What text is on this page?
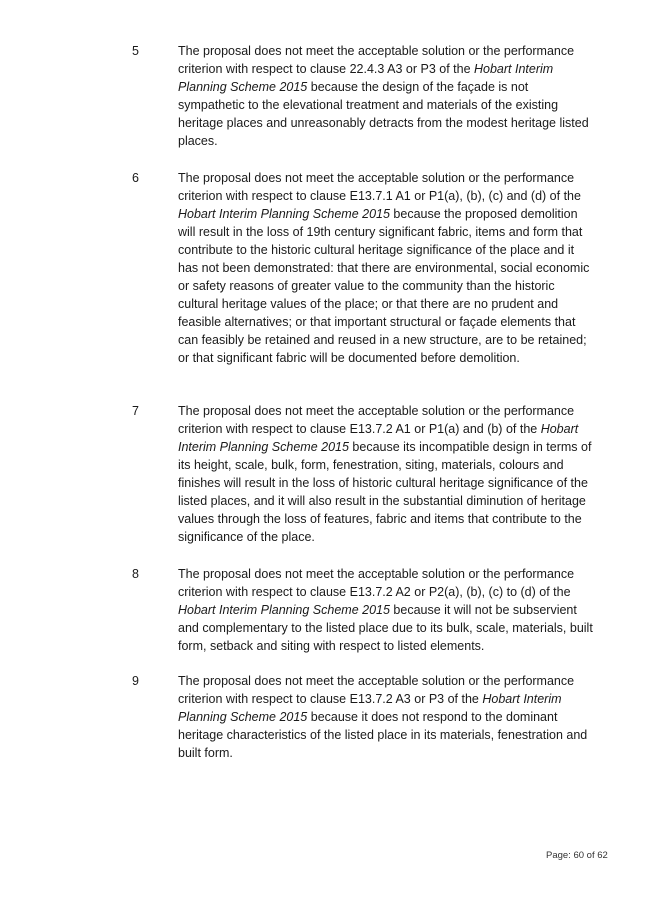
5	The proposal does not meet the acceptable solution or the performance criterion with respect to clause 22.4.3 A3 or P3 of the Hobart Interim Planning Scheme 2015 because the design of the façade is not sympathetic to the elevational treatment and materials of the existing heritage places and unreasonably detracts from the modest heritage listed places.
6	The proposal does not meet the acceptable solution or the performance criterion with respect to clause E13.7.1 A1 or P1(a), (b), (c) and (d) of the Hobart Interim Planning Scheme 2015 because the proposed demolition will result in the loss of 19th century significant fabric, items and form that contribute to the historic cultural heritage significance of the place and it has not been demonstrated: that there are environmental, social economic or safety reasons of greater value to the community than the historic cultural heritage values of the place; or that there are no prudent and feasible alternatives; or that important structural or façade elements that can feasibly be retained and reused in a new structure, are to be retained; or that significant fabric will be documented before demolition.
7	The proposal does not meet the acceptable solution or the performance criterion with respect to clause E13.7.2 A1 or P1(a) and (b) of the Hobart Interim Planning Scheme 2015 because its incompatible design in terms of its height, scale, bulk, form, fenestration, siting, materials, colours and finishes will result in the loss of historic cultural heritage significance of the listed places, and it will also result in the substantial diminution of heritage values through the loss of features, fabric and items that contribute to the significance of the place.
8	The proposal does not meet the acceptable solution or the performance criterion with respect to clause E13.7.2 A2 or P2(a), (b), (c) to (d) of the Hobart Interim Planning Scheme 2015 because it will not be subservient and complementary to the listed place due to its bulk, scale, materials, built form, setback and siting with respect to listed elements.
9	The proposal does not meet the acceptable solution or the performance criterion with respect to clause E13.7.2 A3 or P3 of the Hobart Interim Planning Scheme 2015 because it does not respond to the dominant heritage characteristics of the listed place in its materials, fenestration and built form.
Page: 60 of 62
